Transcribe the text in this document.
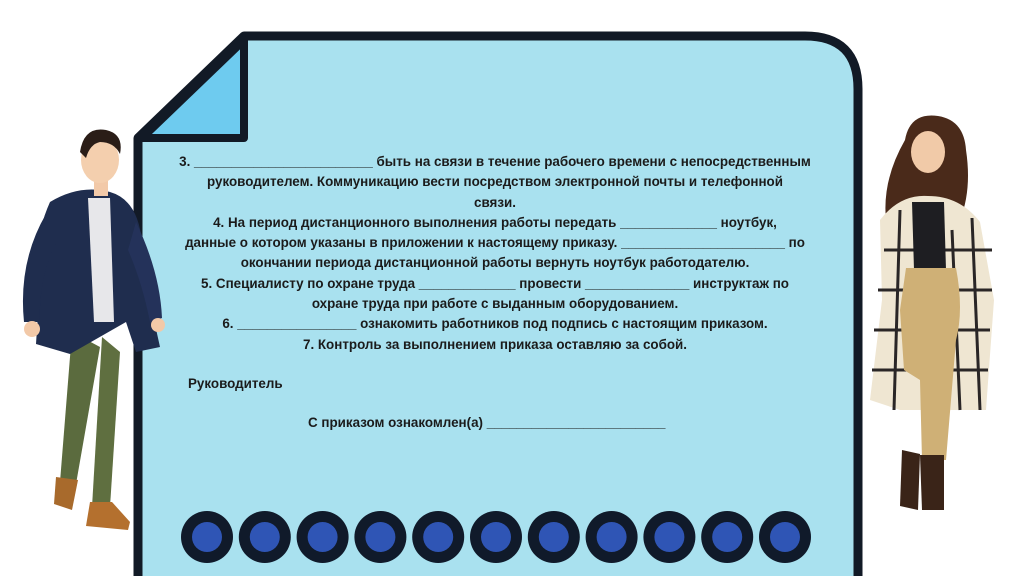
3. ________________________ быть на связи в течение рабочего времени с непосредственным
руководителем. Коммуникацию вести посредством электронной почты и телефонной
связи.
4. На период дистанционного выполнения работы передать _____________ ноутбук,
данные о котором указаны в приложении к настоящему приказу. ______________________ по
окончании периода дистанционной работы вернуть ноутбук работодателю.
5. Специалисту по охране труда _____________ провести ______________ инструктаж по
охране труда при работе с выданным оборудованием.
6. ________________ ознакомить работников под подпись с настоящим приказом.
7. Контроль за выполнением приказа оставляю за собой.
Руководитель
С приказом ознакомлен(а) ________________________
